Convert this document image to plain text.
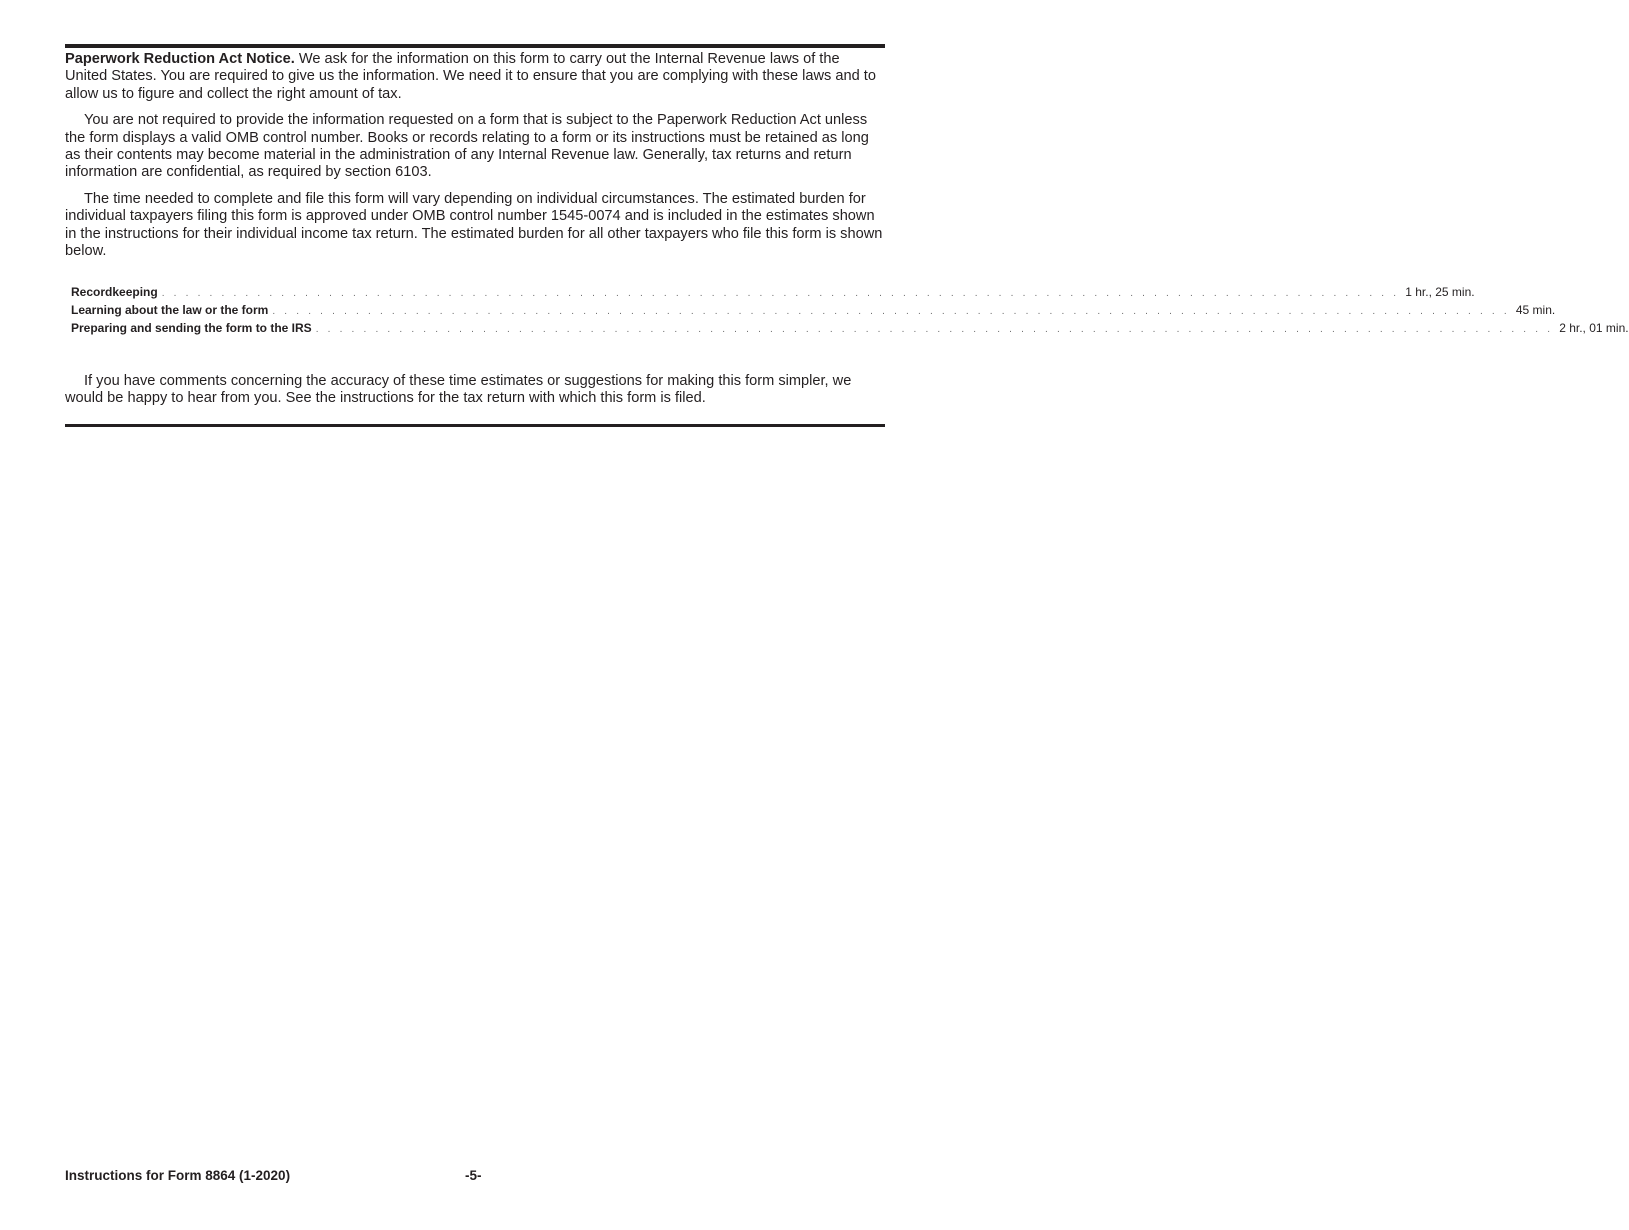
Paperwork Reduction Act Notice. We ask for the information on this form to carry out the Internal Revenue laws of the United States. You are required to give us the information. We need it to ensure that you are complying with these laws and to allow us to figure and collect the right amount of tax.

You are not required to provide the information requested on a form that is subject to the Paperwork Reduction Act unless the form displays a valid OMB control number. Books or records relating to a form or its instructions must be retained as long as their contents may become material in the administration of any Internal Revenue law. Generally, tax returns and return information are confidential, as required by section 6103.

The time needed to complete and file this form will vary depending on individual circumstances. The estimated burden for individual taxpayers filing this form is approved under OMB control number 1545-0074 and is included in the estimates shown in the instructions for their individual income tax return. The estimated burden for all other taxpayers who file this form is shown below.

Recordkeeping . . . . . . . . . . . . . . . . . . . . . . . . . . . . . . . . . . . . . . . . . . . . . . . . . . . . . . . . . . . . . . . . . . . . . . . . . . . . . . . . . . . . . . . . . . . . . . . . . . . . . . . . 1 hr., 25 min.
Learning about the law or the form . . . . . . . . . . . . . . . . . . . . . . . . . . . . . . . . . . . . . . . . . . . . . . . . . . . . . . . . . . . . . . . . . . . . . . . . . . . . . . . . . . . . . . . . . . . . . . . . . . . . . . . . 45 min.
Preparing and sending the form to the IRS . . . . . . . . . . . . . . . . . . . . . . . . . . . . . . . . . . . . . . . . . . . . . . . . . . . . . . . . . . . . . . . . . . . . . . . . . . . . . . . . . . . . . . . . . . . . . . . . . . . . . . . . 2 hr., 01 min.

If you have comments concerning the accuracy of these time estimates or suggestions for making this form simpler, we would be happy to hear from you. See the instructions for the tax return with which this form is filed.

Instructions for Form 8864 (1-2020)	-5-
